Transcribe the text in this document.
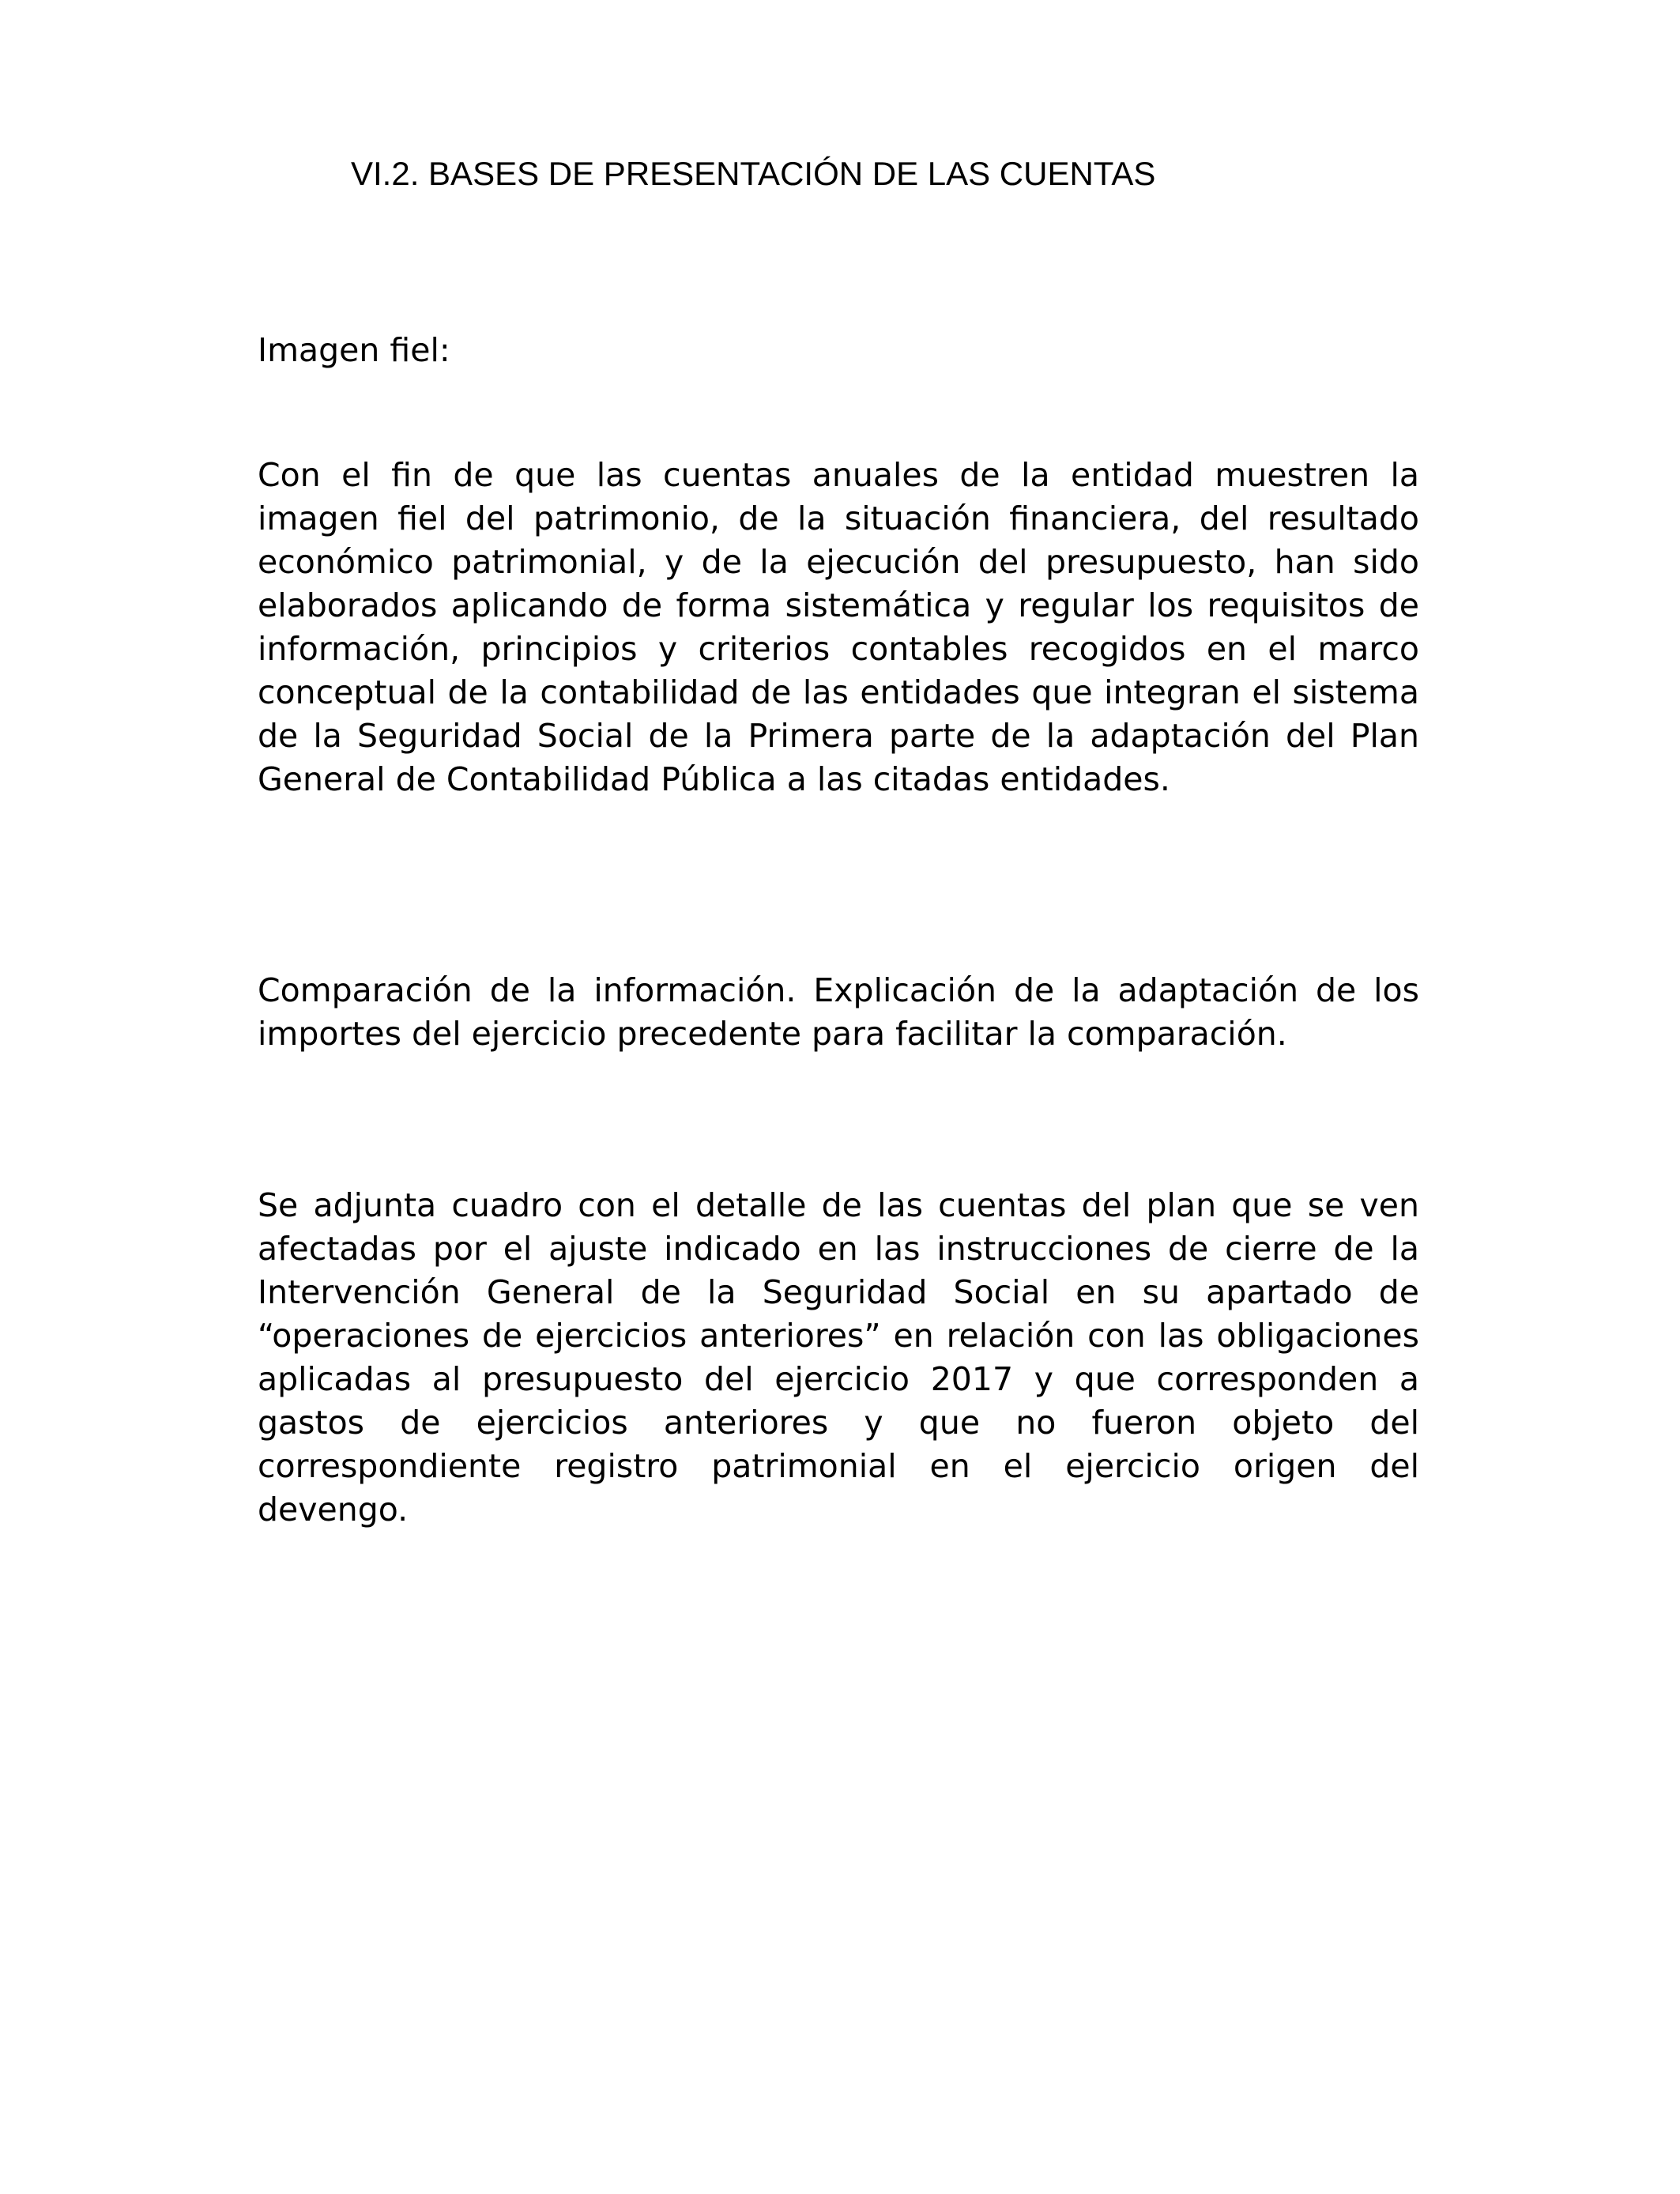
VI.2. BASES DE PRESENTACIÓN DE LAS CUENTAS
Imagen fiel:

Con el fin de que las cuentas anuales de la entidad muestren la imagen fiel del patrimonio, de la situación financiera, del resultado económico patrimonial, y de la ejecución del presupuesto, han sido elaborados aplicando de forma sistemática y regular los requisitos de información, principios y criterios contables recogidos en el marco conceptual de la contabilidad de las entidades que integran el sistema de la Seguridad Social de la Primera parte de la adaptación del Plan General de Contabilidad Pública a las citadas entidades.

Comparación de la información. Explicación de la adaptación de los importes del ejercicio precedente para facilitar la comparación.

Se adjunta cuadro con el detalle de las cuentas del plan que se ven afectadas por el ajuste indicado en las instrucciones de cierre de la Intervención General de la Seguridad Social en su apartado de “operaciones de ejercicios anteriores” en relación con las obligaciones aplicadas al presupuesto del ejercicio 2017 y que corresponden a gastos de ejercicios anteriores y que no fueron objeto del correspondiente registro patrimonial en el ejercicio origen del devengo.
